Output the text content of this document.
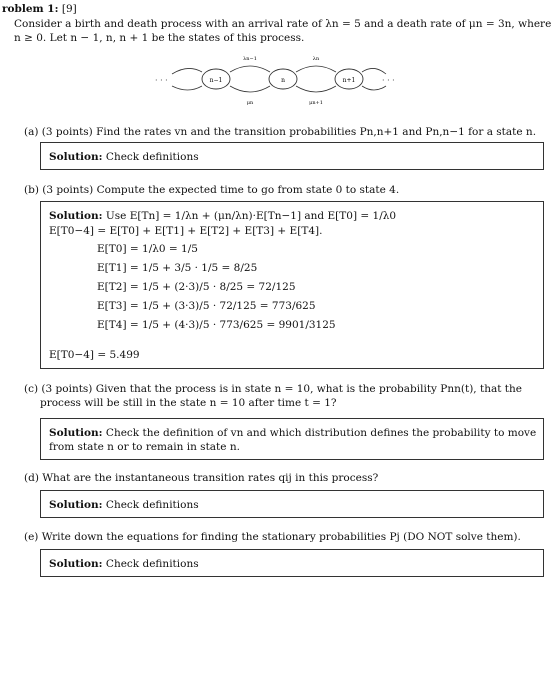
roblem 1: [9]
Consider a birth and death process with an arrival rate of λn = 5 and a death rate of μn = 3n, where
n ≥ 0. Let n − 1, n, n + 1 be the states of this process.
· · ·	· · ·
n−1	n	n+1
λn−1	λn
μn	μn+1
(a) (3 points) Find the rates vn and the transition probabilities Pn,n+1 and Pn,n−1 for a state n.
Solution: Check definitions
(b) (3 points) Compute the expected time to go from state 0 to state 4.
Solution: Use E[Tn] = 1/λn + (μn/λn)·E[Tn−1] and E[T0] = 1/λ0
E[T0−4] = E[T0] + E[T1] + E[T2] + E[T3] + E[T4].
E[T0] = 1/λ0 = 1/5
E[T1] = 1/5 + 3/5 · 1/5 = 8/25
E[T2] = 1/5 + (2·3)/5 · 8/25 = 72/125
E[T3] = 1/5 + (3·3)/5 · 72/125 = 773/625
E[T4] = 1/5 + (4·3)/5 · 773/625 = 9901/3125
E[T0−4] = 5.499
(c) (3 points) Given that the process is in state n = 10, what is the probability Pnn(t), that the
process will be still in the state n = 10 after time t = 1?
Solution: Check the definition of vn and which distribution defines the probability to move
from state n or to remain in state n.
(d) What are the instantaneous transition rates qij in this process?
Solution: Check definitions
(e) Write down the equations for finding the stationary probabilities Pj (DO NOT solve them).
Solution: Check definitions
